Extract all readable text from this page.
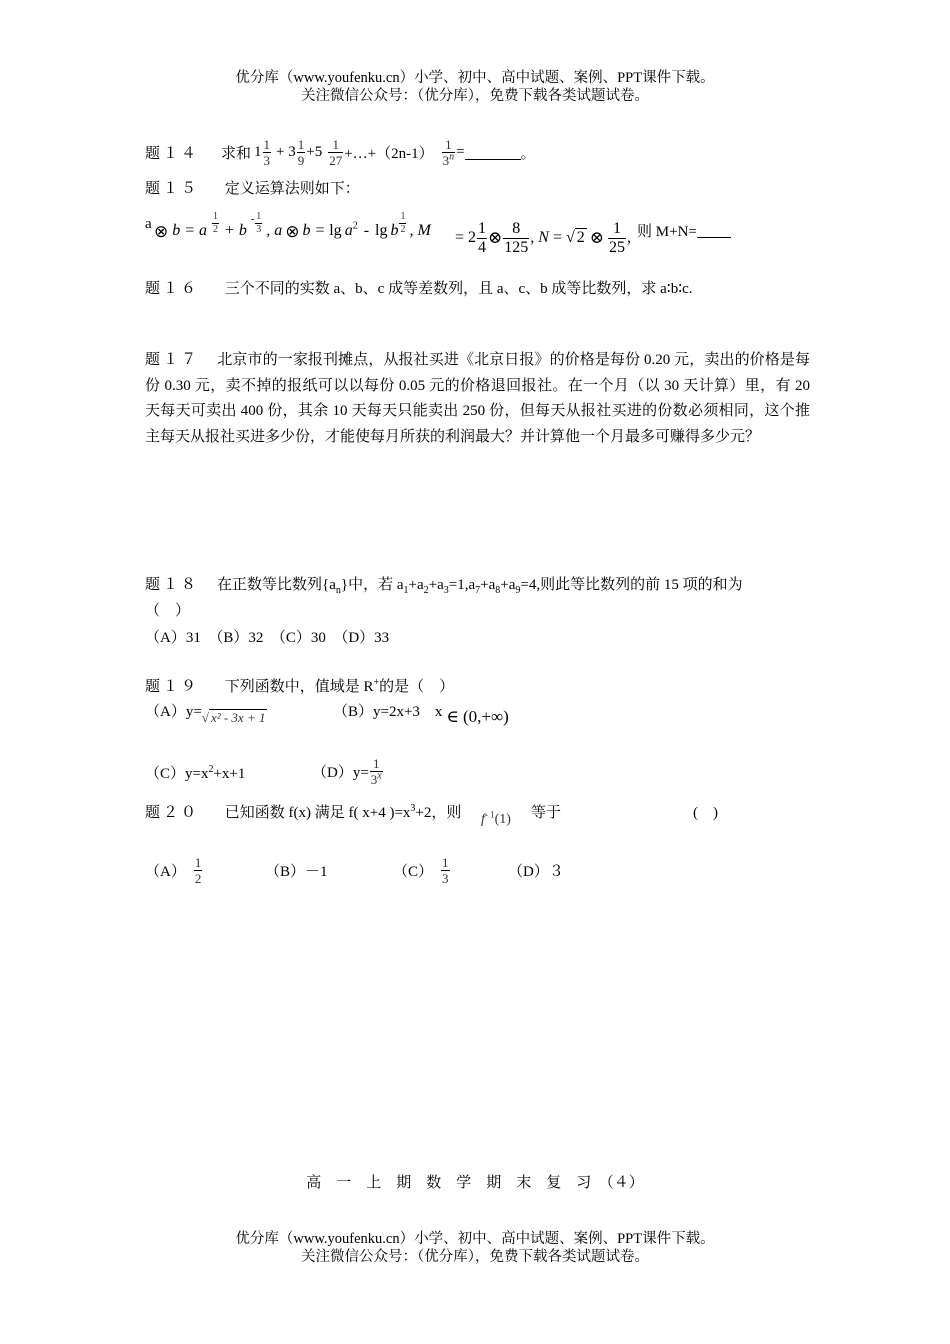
优分库（www.youfenku.cn）小学、初中、高中试题、案例、PPT课件下载。
关注微信公众号：（优分库），免费下载各类试题试卷。
题１４ 求和 $1 \frac{1}{3} + 3 \frac{1}{9} +5 \frac{1}{27}$ +…+（2n-1） $\frac{1}{3^n}$ =	。
题１５ 定义运算法则如下：
a ⊗ b = a $\frac{1}{2} + b$
- $\frac{1}{3}$ , a ⊗ $b = \lg a^2 - \lg b \frac{1}{2}$ , $M = 2 \frac{1}{4}$ ⊗ $\frac{8}{125}$ , N = √ 2 ⊗ $\frac{1}{25}$ , 则 M+N=
题１６ 三个不同的实数 a、b、c 成等差数列，且 a、c、b 成等比数列，求 a∶b∶c.
题１７ 北京市的一家报刊摊点，从报社买进《北京日报》的价格是每份 0.20 元，卖出的价格是每份 0.30 元，卖不掉的报纸可以以每份 0.05 元的价格退回报社。在一个月（以 30 天计算）里，有 20 天每天可卖出 400 份，其余 10 天每天只能卖出 250 份，但每天从报社买进的份数必须相同，这个推主每天从报社买进多少份，才能使每月所获的利润最大？并计算他一个月最多可赚得多少元？
题１８ 在正数等比数列$\{a_n\}$中，若 $a_1+a_2+a_3=1,a_7+a_8+a_9=4$,则此等比数列的前 15 项的和为
（　）
（A）31　（B）32　（C）30　（D）33
题１９ 下列函数中，值域是 R+的是（　）
（A）y= √ x² - 3x + 1	（B）y=2x+3　x ∈ (0,+∞)
$(C)y=x^2+x+1$	$(D)y= \frac{1}{3^x}$
题２０ 已知函数 f(x) 满足 f( x+4 )$=x^3+2$，则 $f^{- 1}(1)$ 等于	(　)
$(A) \frac{1}{2}$	（B）－1	$(C) \frac{1}{3}$	（D）３
高　一　上　期　数　学　期　末　复　习　（４）
优分库（www.youfenku.cn）小学、初中、高中试题、案例、PPT课件下载。
关注微信公众号：（优分库），免费下载各类试题试卷。
